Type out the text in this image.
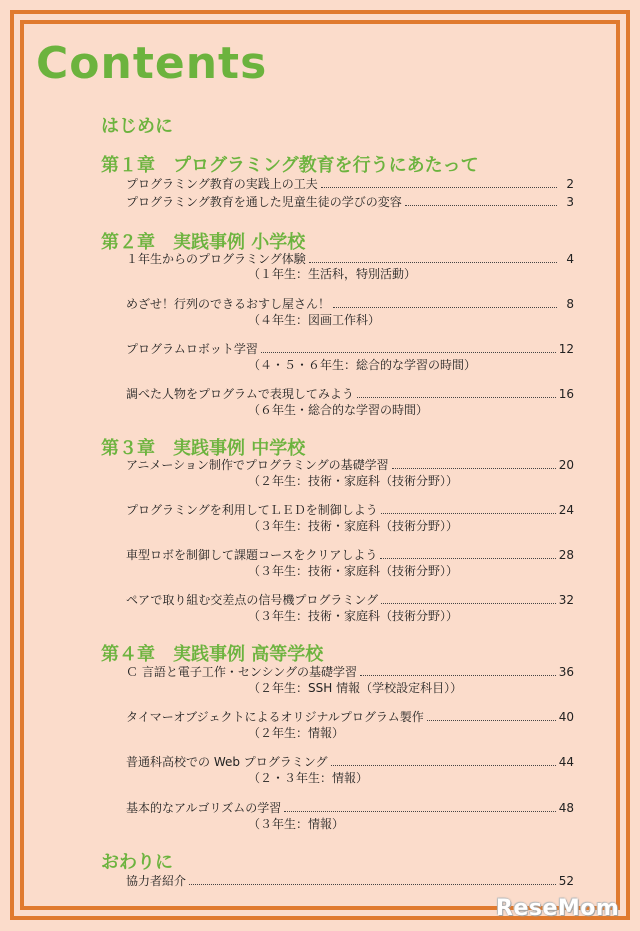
Contents
はじめに
第１章　プログラミング教育を行うにあたって
プログラミング教育の実践上の工夫	2
プログラミング教育を通した児童生徒の学びの変容	3
第２章　実践事例 小学校
１年生からのプログラミング体験	4
（１年生：生活科，特別活動）
めざせ！行列のできるおすし屋さん！	8
（４年生：図画工作科）
プログラムロボット学習	12
（４・５・６年生：総合的な学習の時間）
調べた人物をプログラムで表現してみよう	16
（６年生・総合的な学習の時間）
第３章　実践事例 中学校
アニメーション制作でプログラミングの基礎学習	20
（２年生：技術・家庭科（技術分野））
プログラミングを利用してＬＥＤを制御しよう	24
（３年生：技術・家庭科（技術分野））
車型ロボを制御して課題コースをクリアしよう	28
（３年生：技術・家庭科（技術分野））
ペアで取り組む交差点の信号機プログラミング	32
（３年生：技術・家庭科（技術分野））
第４章　実践事例 高等学校
Ｃ 言語と電子工作・センシングの基礎学習	36
（２年生：SSH 情報（学校設定科目））
タイマーオブジェクトによるオリジナルプログラム製作	40
（２年生：情報）
普通科高校での Web プログラミング	44
（２・３年生：情報）
基本的なアルゴリズムの学習	48
（３年生：情報）
おわりに
協力者紹介	52
ReseMom
